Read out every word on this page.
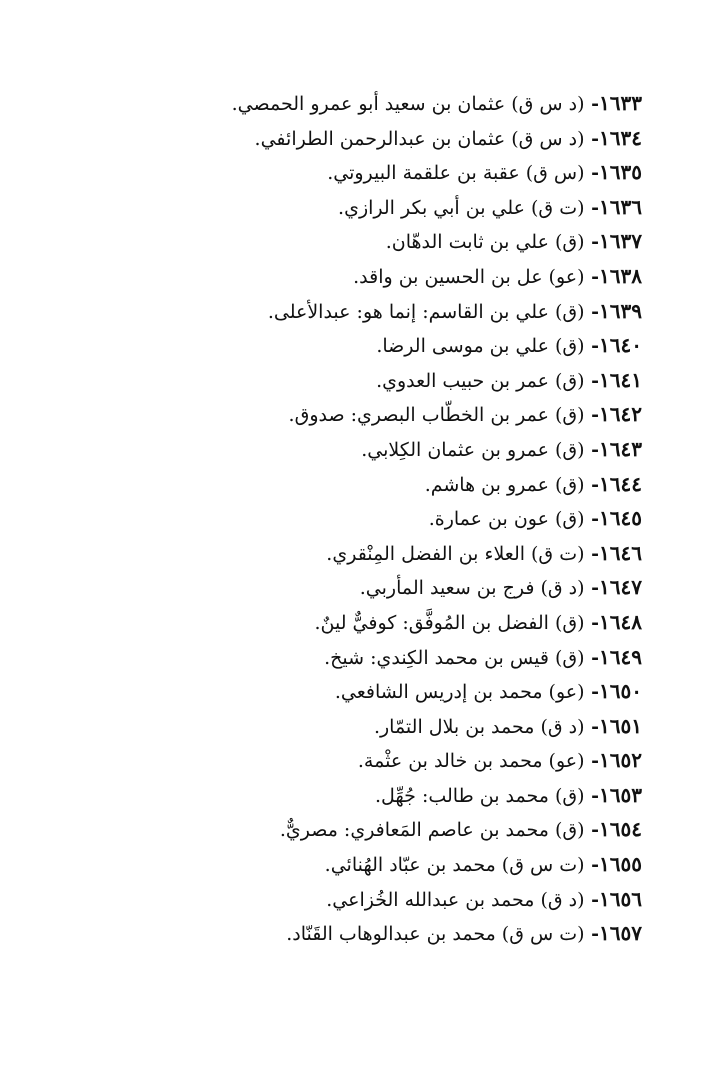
١٦٣٣- (د س ق)عثمان بن سعيد أبو عمرو الحمصي.
١٦٣٤- (د س ق)عثمان بن عبدالرحمن الطرائفي.
١٦٣٥- (س ق)عقبة بن علقمة البيروتي.
١٦٣٦- (ت ق)علي بن أبي بكر الرازي.
١٦٣٧- (ق)علي بن ثابت الدهّان.
١٦٣٨- (عو)عل بن الحسين بن واقد.
١٦٣٩- (ق)علي بن القاسم: إنما هو: عبدالأعلى.
١٦٤٠- (ق)علي بن موسى الرضا.
١٦٤١- (ق)عمر بن حبيب العدوي.
١٦٤٢- (ق)عمر بن الخطّاب البصري: صدوق.
١٦٤٣- (ق)عمرو بن عثمان الكِلابي.
١٦٤٤- (ق)عمرو بن هاشم.
١٦٤٥- (ق)عون بن عمارة.
١٦٤٦- (ت ق)العلاء بن الفضل المِنْقري.
١٦٤٧- (د ق)فرج بن سعيد المأربي.
١٦٤٨- (ق)الفضل بن المُوفَّق: كوفيٌّ لينٌ.
١٦٤٩- (ق)قيس بن محمد الكِندي: شيخ.
١٦٥٠- (عو)محمد بن إدريس الشافعي.
١٦٥١- (د ق)محمد بن بلال التمّار.
١٦٥٢- (عو)محمد بن خالد بن عثْمة.
١٦٥٣- (ق)محمد بن طالب: جُهِّل.
١٦٥٤- (ق)محمد بن عاصم المَعافري: مصريٌّ.
١٦٥٥- (ت س ق)محمد بن عبّاد الهُنائي.
١٦٥٦- (د ق)محمد بن عبدالله الخُزاعي.
١٦٥٧- (ت س ق)محمد بن عبدالوهاب القَنّاد.
